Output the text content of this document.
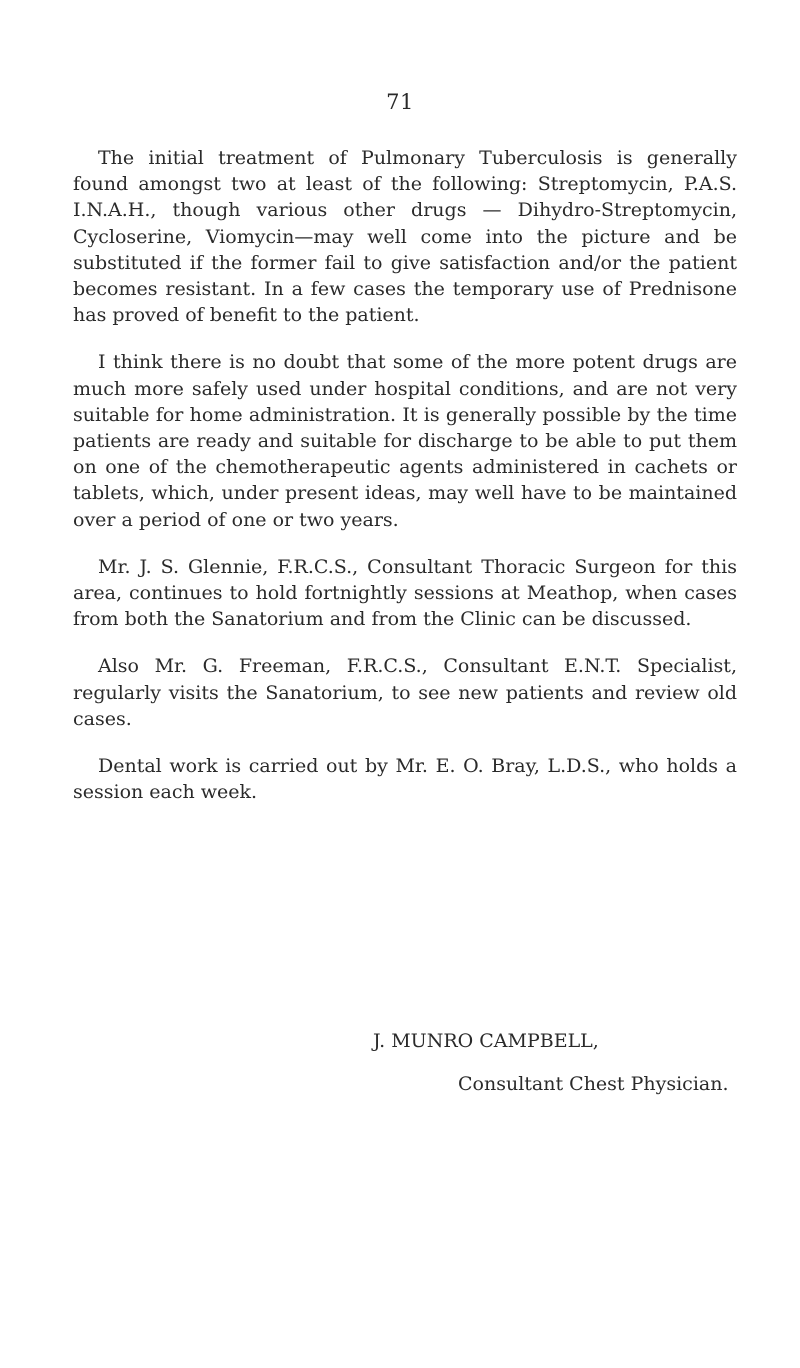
71

The initial treatment of Pulmonary Tuberculosis is generally found amongst two at least of the following: Streptomycin, P.A.S. I.N.A.H., though various other drugs — Dihydro-Streptomycin, Cycloserine, Viomycin—may well come into the picture and be substituted if the former fail to give satisfaction and/or the patient becomes resistant. In a few cases the temporary use of Prednisone has proved of benefit to the patient.

I think there is no doubt that some of the more potent drugs are much more safely used under hospital conditions, and are not very suitable for home administration. It is generally possible by the time patients are ready and suitable for discharge to be able to put them on one of the chemotherapeutic agents administered in cachets or tablets, which, under present ideas, may well have to be maintained over a period of one or two years.

Mr. J. S. Glennie, F.R.C.S., Consultant Thoracic Surgeon for this area, continues to hold fortnightly sessions at Meathop, when cases from both the Sanatorium and from the Clinic can be discussed.

Also Mr. G. Freeman, F.R.C.S., Consultant E.N.T. Specialist, regularly visits the Sanatorium, to see new patients and review old cases.

Dental work is carried out by Mr. E. O. Bray, L.D.S., who holds a session each week.

J. MUNRO CAMPBELL,
Consultant Chest Physician.
